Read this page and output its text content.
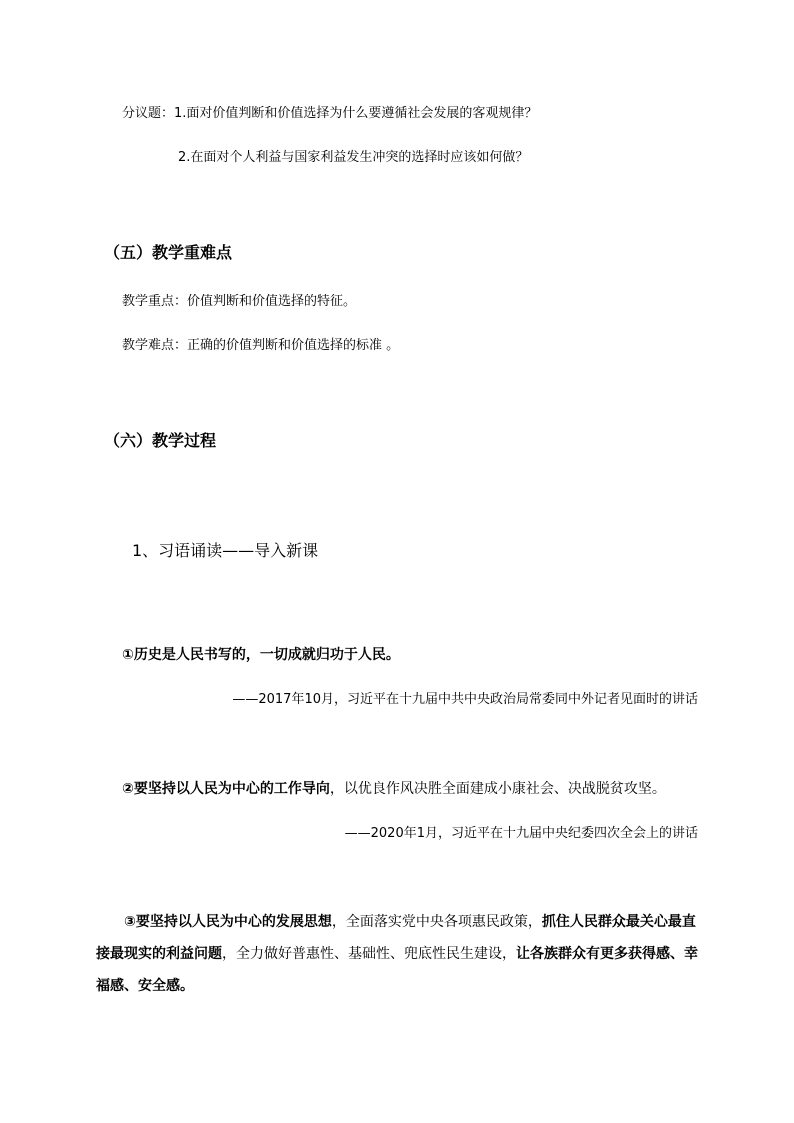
分议题：1.面对价值判断和价值选择为什么要遵循社会发展的客观规律？
2.在面对个人利益与国家利益发生冲突的选择时应该如何做？
（五）教学重难点
教学重点：价值判断和价值选择的特征。
教学难点：正确的价值判断和价值选择的标准 。
（六）教学过程
1、习语诵读——导入新课
①历史是人民书写的，一切成就归功于人民。
——2017年10月，习近平在十九届中共中央政治局常委同中外记者见面时的讲话
②要坚持以人民为中心的工作导向，以优良作风决胜全面建成小康社会、决战脱贫攻坚。
——2020年1月，习近平在十九届中央纪委四次全会上的讲话
③要坚持以人民为中心的发展思想，全面落实党中央各项惠民政策，抓住人民群众最关心最直接最现实的利益问题，全力做好普惠性、基础性、兜底性民生建设，让各族群众有更多获得感、幸福感、安全感。
